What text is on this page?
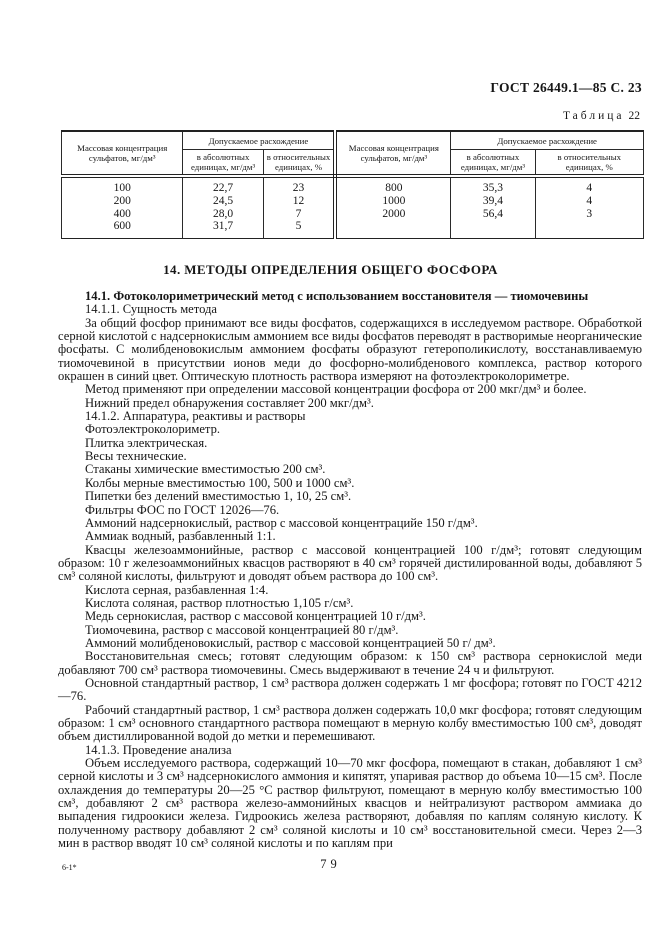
ГОСТ 26449.1—85 С. 23
Таблица 22
Массовая концентрация сульфатов, мг/дм³	Допускаемое расхождение		Массовая концентрация сульфатов, мг/дм³	Допускаемое расхождение	
	в абсолютных единицах, мг/дм³	в относительных единицах, %		в абсолютных единицах, мг/дм³	в относительных единицах, %
100	22,7	23	800	35,3	4
200	24,5	12	1000	39,4	4
400	28,0	7	2000	56,4	3
600	31,7	5			
14. МЕТОДЫ ОПРЕДЕЛЕНИЯ ОБЩЕГО ФОСФОРА

14.1. Фотоколориметрический метод с использованием восстановителя — тиомочевины

14.1.1. Сущность метода

За общий фосфор принимают все виды фосфатов, содержащихся в исследуемом растворе. Обработкой серной кислотой с надсернокислым аммонием все виды фосфатов переводят в растворимые неорганические фосфаты. С молибденовокислым аммонием фосфаты образуют гетерополикислоту, восстанавливаемую тиомочевиной в присутствии ионов меди до фосфорно-молибденового комплекса, раствор которого окрашен в синий цвет. Оптическую плотность раствора измеряют на фотоэлектроколориметре.

Метод применяют при определении массовой концентрации фосфора от 200 мкг/дм³ и более.

Нижний предел обнаружения составляет 200 мкг/дм³.

14.1.2. Аппаратура, реактивы и растворы

Фотоэлектроколориметр.

Плитка электрическая.

Весы технические.

Стаканы химические вместимостью 200 см³.

Колбы мерные вместимостью 100, 500 и 1000 см³.

Пипетки без делений вместимостью 1, 10, 25 см³.

Фильтры ФОС по ГОСТ 12026—76.

Аммоний надсернокислый, раствор с массовой концентрацийе 150 г/дм³.

Аммиак водный, разбавленный 1:1.

Квасцы железоаммонийные, раствор с массовой концентрацией 100 г/дм³; готовят следующим образом: 10 г железоаммонийных квасцов растворяют в 40 см³ горячей дистилированной воды, добавляют 5 см³ соляной кислоты, фильтруют и доводят объем раствора до 100 см³.

Кислота серная, разбавленная 1:4.

Кислота соляная, раствор плотностью 1,105 г/см³.

Медь сернокислая, раствор с массовой концентрацией 10 г/дм³.

Тиомочевина, раствор с массовой концентрацией 80 г/дм³.

Аммоний молибденовокислый, раствор с массовой концентрацией 50 г/ дм³.

Восстановительная смесь; готовят следующим образом: к 150 см³ раствора сернокислой меди добавляют 700 см³ раствора тиомочевины. Смесь выдерживают в течение 24 ч и фильтруют.

Основной стандартный раствор, 1 см³ раствора должен содержать 1 мг фосфора; готовят по ГОСТ 4212—76.

Рабочий стандартный раствор, 1 см³ раствора должен содержать 10,0 мкг фосфора; готовят следующим образом: 1 см³ основного стандартного раствора помещают в мерную колбу вместимостью 100 см³, доводят объем дистиллированной водой до метки и перемешивают.

14.1.3. Проведение анализа

Объем исследуемого раствора, содержащий 10—70 мкг фосфора, помещают в стакан, добавляют 1 см³ серной кислоты и 3 см³ надсернокислого аммония и кипятят, упаривая раствор до объема 10—15 см³. После охлаждения до температуры 20—25 °С раствор фильтруют, помещают в мерную колбу вместимостью 100 см³, добавляют 2 см³ раствора железо-аммонийных квасцов и нейтрализуют раствором аммиака до выпадения гидроокиси железа. Гидроокись железа растворяют, добавляя по каплям соляную кислоту. К полученному раствору добавляют 2 см³ соляной кислоты и 10 см³ восстановительной смеси. Через 2—3 мин в раствор вводят 10 см³ соляной кислоты и по каплям при

6-1*	79
